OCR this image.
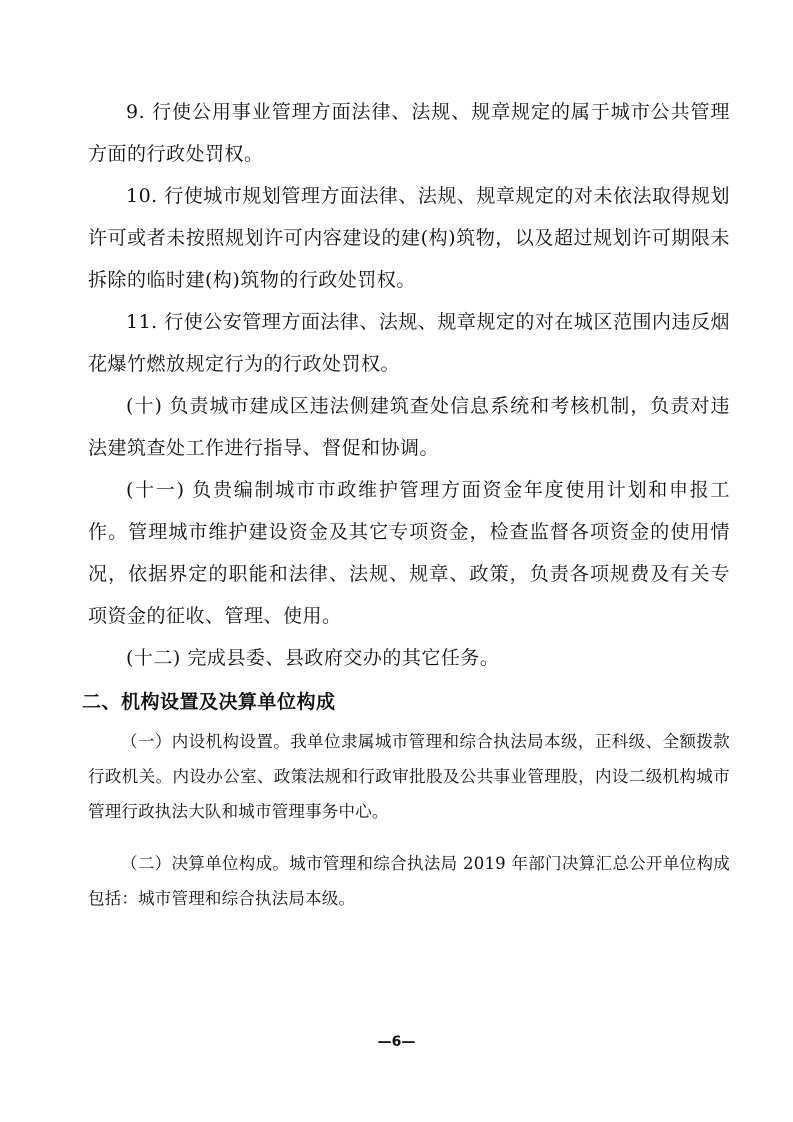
9. 行使公用事业管理方面法律、法规、规章规定的属于城市公共管理方面的行政处罚权。

10. 行使城市规划管理方面法律、法规、规章规定的对未依法取得规划许可或者未按照规划许可内容建设的建(构)筑物，以及超过规划许可期限未拆除的临时建(构)筑物的行政处罚权。

11. 行使公安管理方面法律、法规、规章规定的对在城区范围内违反烟花爆竹燃放规定行为的行政处罚权。

(十) 负责城市建成区违法侧建筑查处信息系统和考核机制，负责对违法建筑查处工作进行指导、督促和协调。

(十一) 负贵编制城市市政维护管理方面资金年度使用计划和申报工作。管理城市维护建设资金及其它专项资金，检查监督各项资金的使用情况，依据界定的职能和法律、法规、规章、政策，负责各项规费及有关专项资金的征收、管理、使用。

(十二) 完成县委、县政府交办的其它任务。

二、机构设置及决算单位构成

（一）内设机构设置。我单位隶属城市管理和综合执法局本级，正科级、全额拨款行政机关。内设办公室、政策法规和行政审批股及公共事业管理股，内设二级机构城市管理行政执法大队和城市管理事务中心。

（二）决算单位构成。城市管理和综合执法局 2019 年部门决算汇总公开单位构成包括：城市管理和综合执法局本级。

—6—
